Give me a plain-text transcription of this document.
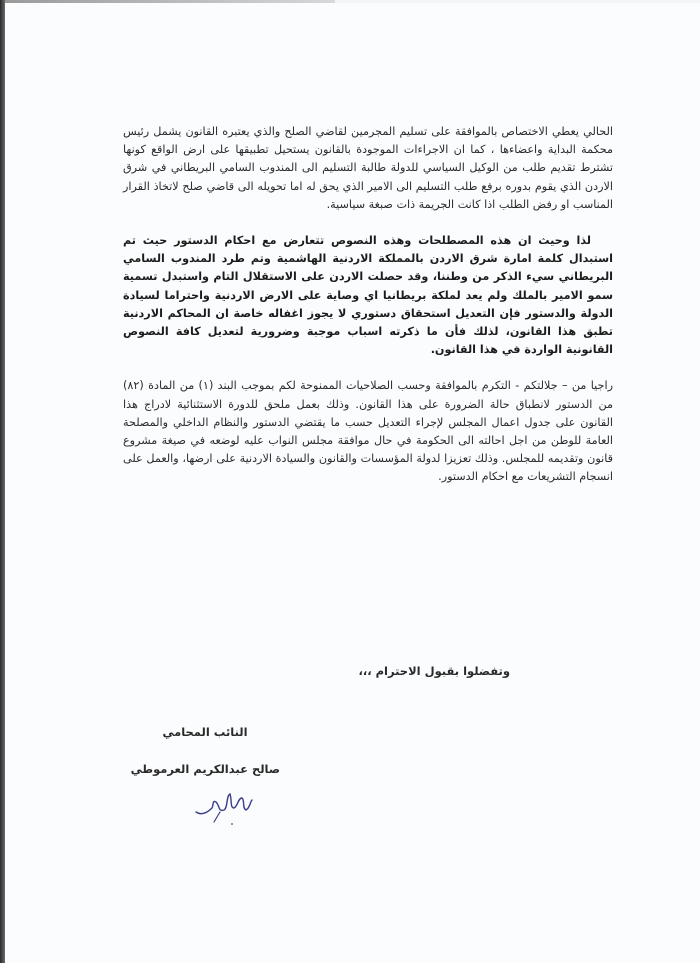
الحالي يعطي الاختصاص بالموافقة على تسليم المجرمين لقاضي الصلح والذي يعتبره القانون يشمل رئيس محكمة البداية واعضاءها ، كما ان الاجراءات الموجودة بالقانون يستحيل تطبيقها على ارض الواقع كونها تشترط تقديم طلب من الوكيل السياسي للدولة طالبة التسليم الى المندوب السامي البريطاني في شرق الاردن الذي يقوم بدوره برفع طلب التسليم الى الامير الذي يحق له اما تحويله الى قاضي صلح لاتخاذ القرار المناسب او رفض الطلب اذا كانت الجريمة ذات صبغة سياسية.

لذا وحيث ان هذه المصطلحات وهذه النصوص تتعارض مع احكام الدستور حيث تم استبدال كلمة امارة شرق الاردن بالمملكة الاردنية الهاشمية وتم طرد المندوب السامي البريطاني سيء الذكر من وطننا، وقد حصلت الاردن على الاستقلال التام واستبدل تسمية سمو الامير بالملك ولم يعد لملكة بريطانيا اي وصاية على الارض الاردنية واحتراما لسيادة الدولة والدستور فإن التعديل استحقاق دستوري لا يجوز اغفاله خاصة ان المحاكم الاردنية تطبق هذا القانون، لذلك فأن ما ذكرته اسباب موجبة وضرورية لتعديل كافة النصوص القانونية الواردة في هذا القانون.

راجيا من – جلالتكم - التكرم بالموافقة وحسب الصلاحيات الممنوحة لكم بموجب البند (١) من المادة (٨٢) من الدستور لانطباق حالة الضرورة على هذا القانون. وذلك بعمل ملحق للدورة الاستثنائية لادراج هذا القانون على جدول اعمال المجلس لإجراء التعديل حسب ما يقتضي الدستور والنظام الداخلي والمصلحة العامة للوطن من اجل احالته الى الحكومة في حال موافقة مجلس النواب عليه لوضعه في صيغة مشروع قانون وتقديمه للمجلس. وذلك تعزيزا لدولة المؤسسات والقانون والسيادة الاردنية على ارضها، والعمل على انسجام التشريعات مع احكام الدستور.

وتفضلوا بقبول الاحترام ،،،
النائب المحامي
صالح عبدالكريم العرموطي
